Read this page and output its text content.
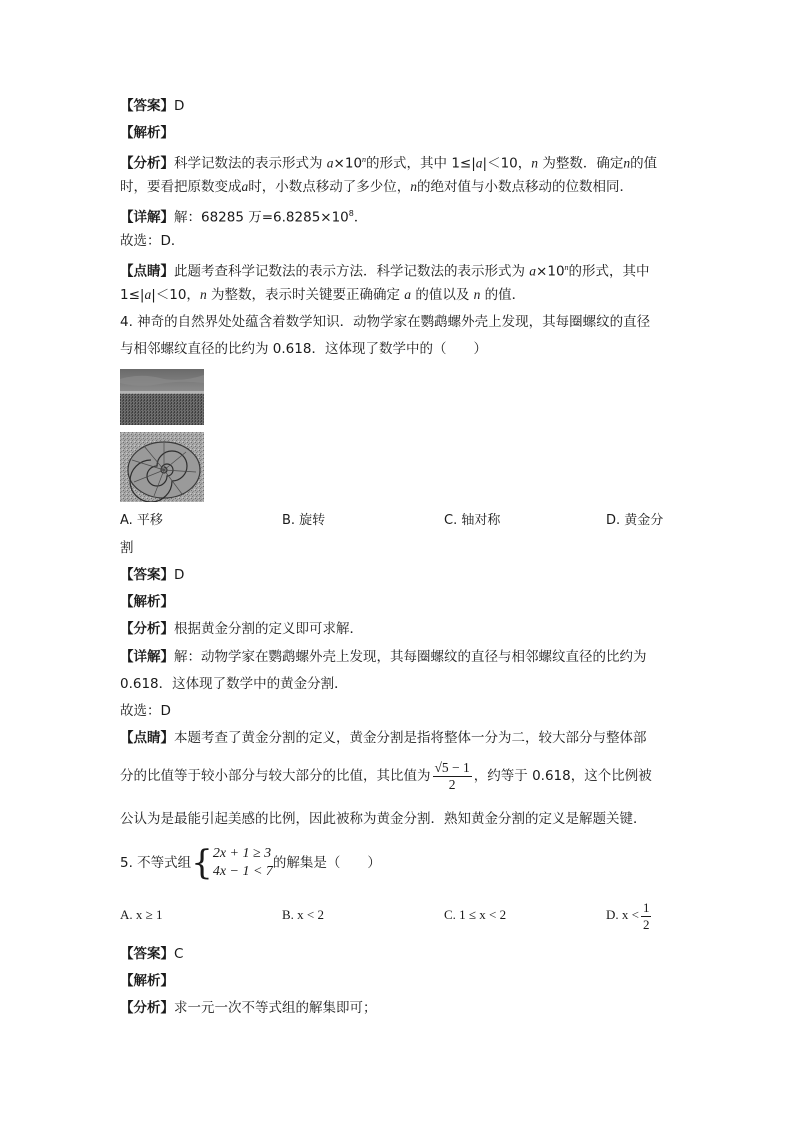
【答案】D
【解析】
【分析】科学记数法的表示形式为 $a\times 10^n$的形式，其中 1≤|a|＜10，n 为整数．确定n的值
时，要看把原数变成a时，小数点移动了多少位，n的绝对值与小数点移动的位数相同．
【详解】解：68285 万$=6.8285\times 10^8$．
故选：D．
【点睛】此题考查科学记数法的表示方法．科学记数法的表示形式为 $a\times 10^n$的形式，其中
1≤|a|＜10，n 为整数，表示时关键要正确确定 a 的值以及 n 的值．
4. 神奇的自然界处处蕴含着数学知识．动物学家在鹦鹉螺外壳上发现，其每圈螺纹的直径
与相邻螺纹直径的比约为 0.618．这体现了数学中的（　　）
A. 平移	B. 旋转	C. 轴对称	D. 黄金分
割
【答案】D
【解析】
【分析】根据黄金分割的定义即可求解．
【详解】解：动物学家在鹦鹉螺外壳上发现，其每圈螺纹的直径与相邻螺纹直径的比约为
0.618．这体现了数学中的黄金分割．
故选：D
【点睛】本题考查了黄金分割的定义，黄金分割是指将整体一分为二，较大部分与整体部
分的比值等于较小部分与较大部分的比值，其比值为 $\frac{√5 - 1}{2}$ ，约等于 0.618，这个比例被
公认为是最能引起美感的比例，因此被称为黄金分割．熟知黄金分割的定义是解题关键．
5. 不等式组{ 2x + 1 ≥ 3
4x − 1 < 7
的解集是（　　）
A. x ≥ 1	B. x < 2	C. 1 ≤ x < 2	D. $x < \frac{1}{2}$
【答案】C
【解析】
【分析】求一元一次不等式组的解集即可；
